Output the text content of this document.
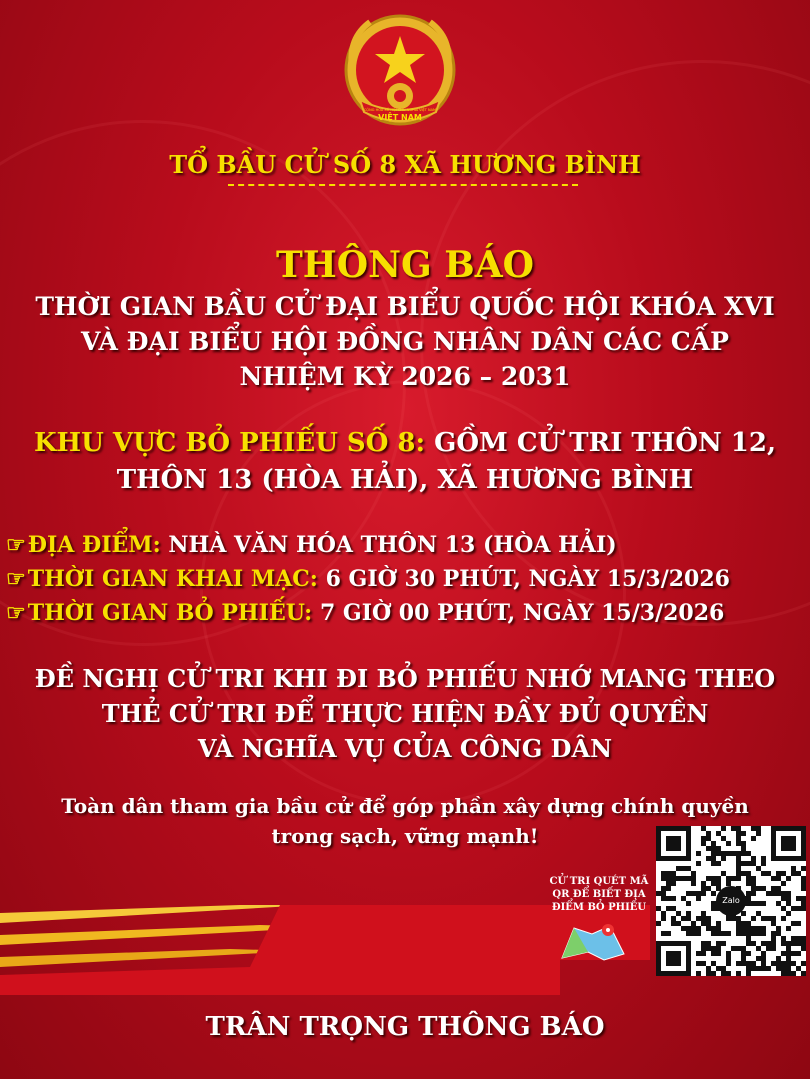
VIỆT NAM
CỘNG HÒA XÃ HỘI CHỦ NGHĨA VIỆT NAM
TỔ BẦU CỬ SỐ 8 XÃ HƯƠNG BÌNH
THÔNG BÁO
THỜI GIAN BẦU CỬ ĐẠI BIỂU QUỐC HỘI KHÓA XVI
VÀ ĐẠI BIỂU HỘI ĐỒNG NHÂN DÂN CÁC CẤP
NHIỆM KỲ 2026 – 2031
KHU VỰC BỎ PHIẾU SỐ 8: GỒM CỬ TRI THÔN 12,
THÔN 13 (HÒA HẢI), XÃ HƯƠNG BÌNH
☞ĐỊA ĐIỂM: NHÀ VĂN HÓA THÔN 13 (HÒA HẢI)
☞THỜI GIAN KHAI MẠC: 6 GIỜ 30 PHÚT, NGÀY 15/3/2026
☞THỜI GIAN BỎ PHIẾU: 7 GIỜ 00 PHÚT, NGÀY 15/3/2026
ĐỀ NGHỊ CỬ TRI KHI ĐI BỎ PHIẾU NHỚ MANG THEO
THẺ CỬ TRI ĐỂ THỰC HIỆN ĐẦY ĐỦ QUYỀN
VÀ NGHĨA VỤ CỦA CÔNG DÂN
Toàn dân tham gia bầu cử để góp phần xây dựng chính quyền
trong sạch, vững mạnh!
CỬ TRI QUÉT MÃ QR ĐỂ BIẾT ĐỊA ĐIỂM BỎ PHIẾU
Zalo
TRÂN TRỌNG THÔNG BÁO
